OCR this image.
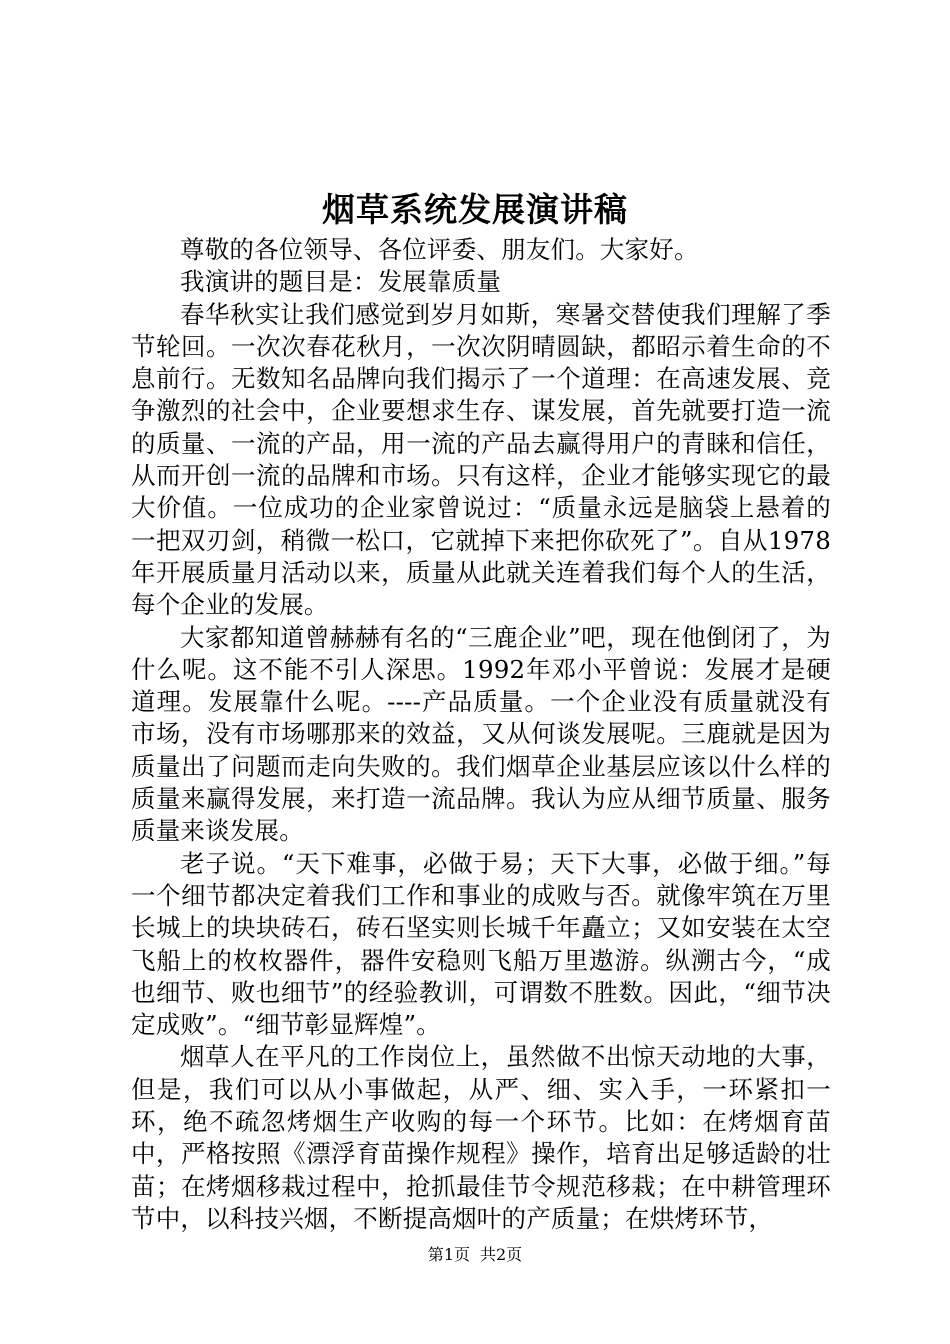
烟草系统发展演讲稿

尊敬的各位领导、各位评委、朋友们。大家好。

我演讲的题目是：发展靠质量

春华秋实让我们感觉到岁月如斯，寒暑交替使我们理解了季节轮回。一次次春花秋月，一次次阴晴圆缺，都昭示着生命的不息前行。无数知名品牌向我们揭示了一个道理：在高速发展、竞争激烈的社会中，企业要想求生存、谋发展，首先就要打造一流的质量、一流的产品，用一流的产品去赢得用户的青睐和信任，从而开创一流的品牌和市场。只有这样，企业才能够实现它的最大价值。一位成功的企业家曾说过：“质量永远是脑袋上悬着的一把双刃剑，稍微一松口，它就掉下来把你砍死了”。自从1978年开展质量月活动以来，质量从此就关连着我们每个人的生活，每个企业的发展。

大家都知道曾赫赫有名的“三鹿企业”吧，现在他倒闭了，为什么呢。这不能不引人深思。1992年邓小平曾说：发展才是硬道理。发展靠什么呢。----产品质量。一个企业没有质量就没有市场，没有市场哪那来的效益，又从何谈发展呢。三鹿就是因为质量出了问题而走向失败的。我们烟草企业基层应该以什么样的质量来赢得发展，来打造一流品牌。我认为应从细节质量、服务质量来谈发展。

老子说。“天下难事，必做于易；天下大事，必做于细。”每一个细节都决定着我们工作和事业的成败与否。就像牢筑在万里长城上的块块砖石，砖石坚实则长城千年矗立；又如安装在太空飞船上的枚枚器件，器件安稳则飞船万里遨游。纵溯古今，“成也细节、败也细节”的经验教训，可谓数不胜数。因此，“细节决定成败”。“细节彰显辉煌”。

烟草人在平凡的工作岗位上，虽然做不出惊天动地的大事，但是，我们可以从小事做起，从严、细、实入手，一环紧扣一环，绝不疏忽烤烟生产收购的每一个环节。比如：在烤烟育苗中，严格按照《漂浮育苗操作规程》操作，培育出足够适龄的壮苗；在烤烟移栽过程中，抢抓最佳节令规范移栽；在中耕管理环节中，以科技兴烟，不断提高烟叶的产质量；在烘烤环节，

第1页 共2页
